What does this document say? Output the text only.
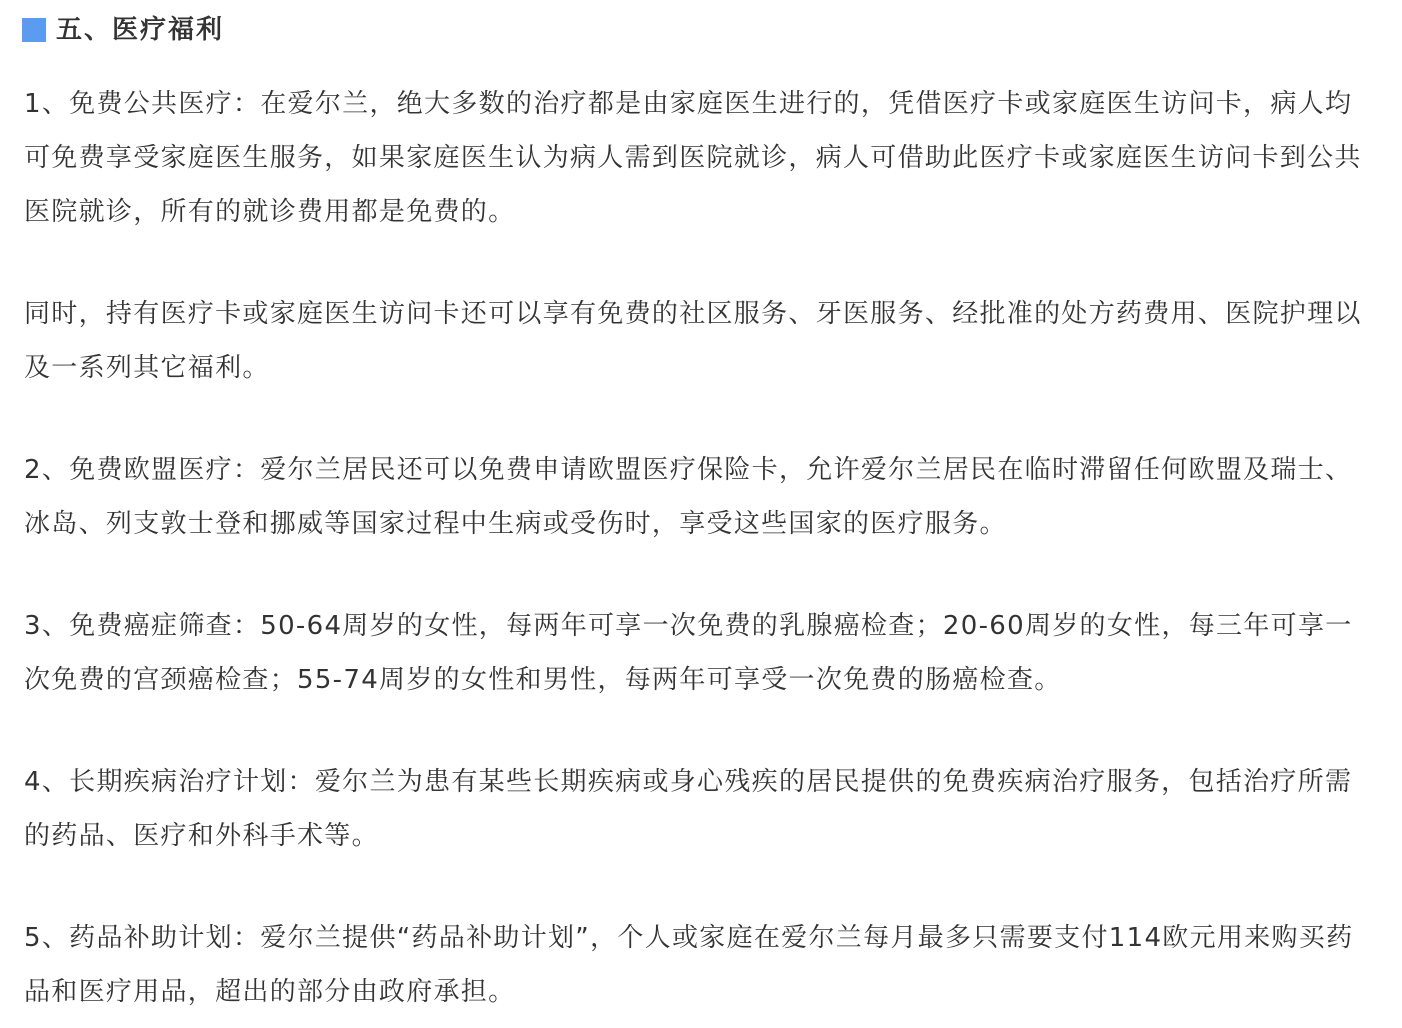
五、医疗福利

1、免费公共医疗：在爱尔兰，绝大多数的治疗都是由家庭医生进行的，凭借医疗卡或家庭医生访问卡，病人均可免费享受家庭医生服务，如果家庭医生认为病人需到医院就诊，病人可借助此医疗卡或家庭医生访问卡到公共医院就诊，所有的就诊费用都是免费的。

同时，持有医疗卡或家庭医生访问卡还可以享有免费的社区服务、牙医服务、经批准的处方药费用、医院护理以及一系列其它福利。

2、免费欧盟医疗：爱尔兰居民还可以免费申请欧盟医疗保险卡，允许爱尔兰居民在临时滞留任何欧盟及瑞士、冰岛、列支敦士登和挪威等国家过程中生病或受伤时，享受这些国家的医疗服务。

3、免费癌症筛查：50-64周岁的女性，每两年可享一次免费的乳腺癌检查；20-60周岁的女性，每三年可享一次免费的宫颈癌检查；55-74周岁的女性和男性，每两年可享受一次免费的肠癌检查。

4、长期疾病治疗计划：爱尔兰为患有某些长期疾病或身心残疾的居民提供的免费疾病治疗服务，包括治疗所需的药品、医疗和外科手术等。

5、药品补助计划：爱尔兰提供“药品补助计划”，个人或家庭在爱尔兰每月最多只需要支付114欧元用来购买药品和医疗用品，超出的部分由政府承担。
